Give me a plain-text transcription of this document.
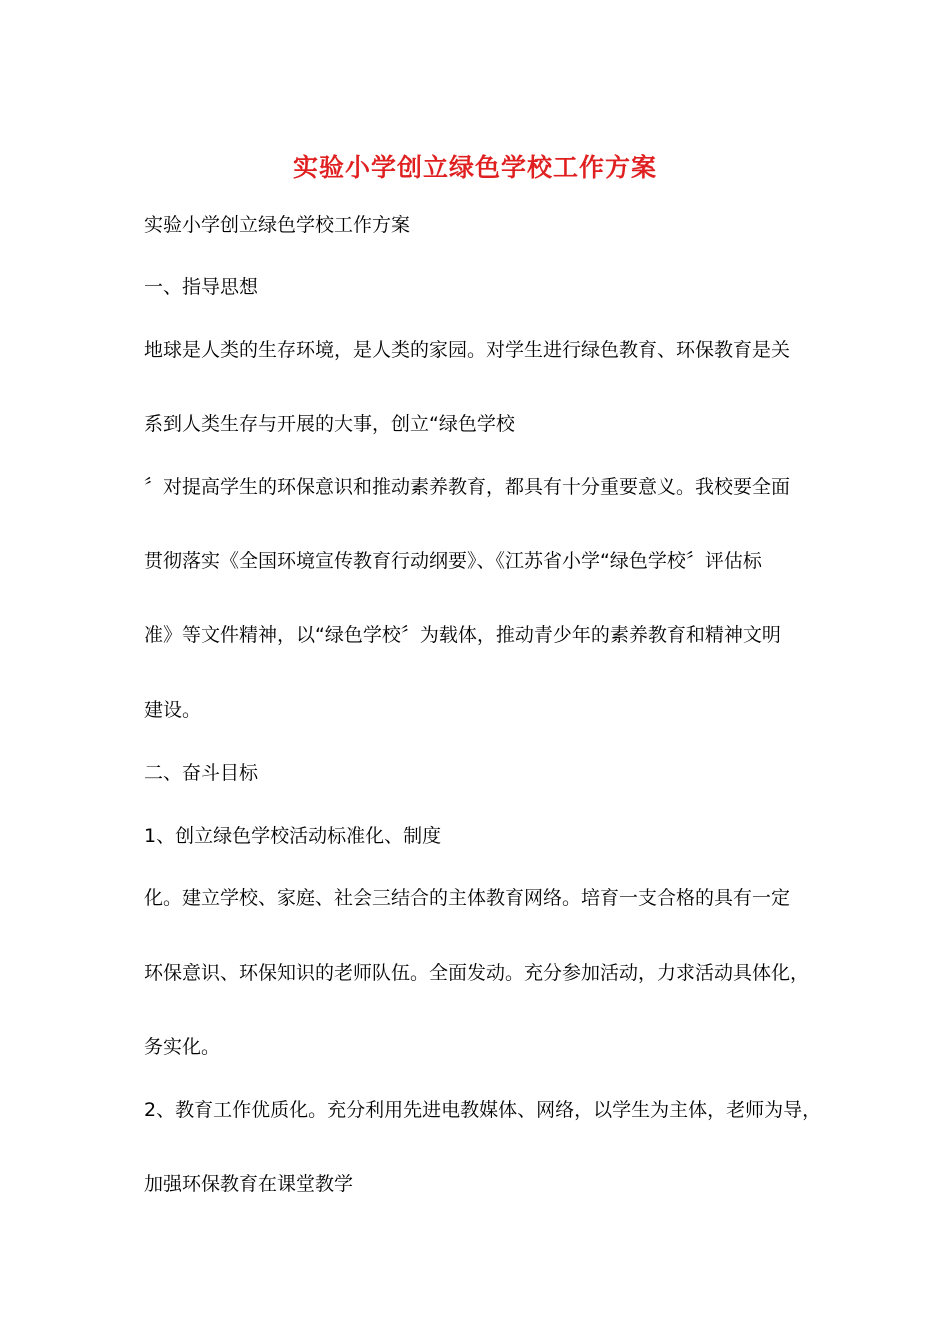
实验小学创立绿色学校工作方案
实验小学创立绿色学校工作方案
一、指导思想
地球是人类的生存环境，是人类的家园。对学生进行绿色教育、环保教育是关
系到人类生存与开展的大事，创立“绿色学校
〞对提高学生的环保意识和推动素养教育，都具有十分重要意义。我校要全面
贯彻落实《全国环境宣传教育行动纲要》、《江苏省小学“绿色学校〞评估标
准》等文件精神，以“绿色学校〞为载体，推动青少年的素养教育和精神文明
建设。
二、奋斗目标
1、创立绿色学校活动标准化、制度
化。建立学校、家庭、社会三结合的主体教育网络。培育一支合格的具有一定
环保意识、环保知识的老师队伍。全面发动。充分参加活动，力求活动具体化，
务实化。
2、教育工作优质化。充分利用先进电教媒体、网络，以学生为主体，老师为导，
加强环保教育在课堂教学
